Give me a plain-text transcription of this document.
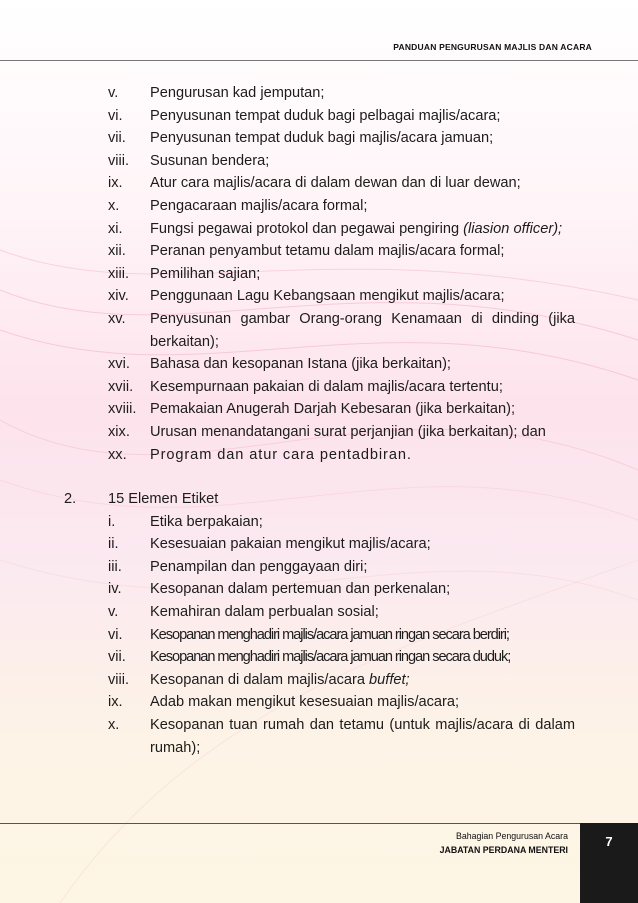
PANDUAN PENGURUSAN MAJLIS DAN ACARA
v. Pengurusan kad jemputan;
vi. Penyusunan tempat duduk bagi pelbagai majlis/acara;
vii. Penyusunan tempat duduk bagi majlis/acara jamuan;
viii. Susunan bendera;
ix. Atur cara majlis/acara di dalam dewan dan di luar dewan;
x. Pengacaraan majlis/acara formal;
xi. Fungsi pegawai protokol dan pegawai pengiring (liasion officer);
xii. Peranan penyambut tetamu dalam majlis/acara formal;
xiii. Pemilihan sajian;
xiv. Penggunaan Lagu Kebangsaan mengikut majlis/acara;
xv. Penyusunan gambar Orang-orang Kenamaan di dinding (jika berkaitan);
xvi. Bahasa dan kesopanan Istana (jika berkaitan);
xvii. Kesempurnaan pakaian di dalam majlis/acara tertentu;
xviii. Pemakaian Anugerah Darjah Kebesaran (jika berkaitan);
xix. Urusan menandatangani surat perjanjian (jika berkaitan); dan
xx. Program dan atur cara pentadbiran.
2. 15 Elemen Etiket
i. Etika berpakaian;
ii. Kesesuaian pakaian mengikut majlis/acara;
iii. Penampilan dan penggayaan diri;
iv. Kesopanan dalam pertemuan dan perkenalan;
v. Kemahiran dalam perbualan sosial;
vi. Kesopanan menghadiri majlis/acara jamuan ringan secara berdiri;
vii. Kesopanan menghadiri majlis/acara jamuan ringan secara duduk;
viii. Kesopanan di dalam majlis/acara buffet;
ix. Adab makan mengikut kesesuaian majlis/acara;
x. Kesopanan tuan rumah dan tetamu (untuk majlis/acara di dalam rumah);
Bahagian Pengurusan Acara
JABATAN PERDANA MENTERI
7
